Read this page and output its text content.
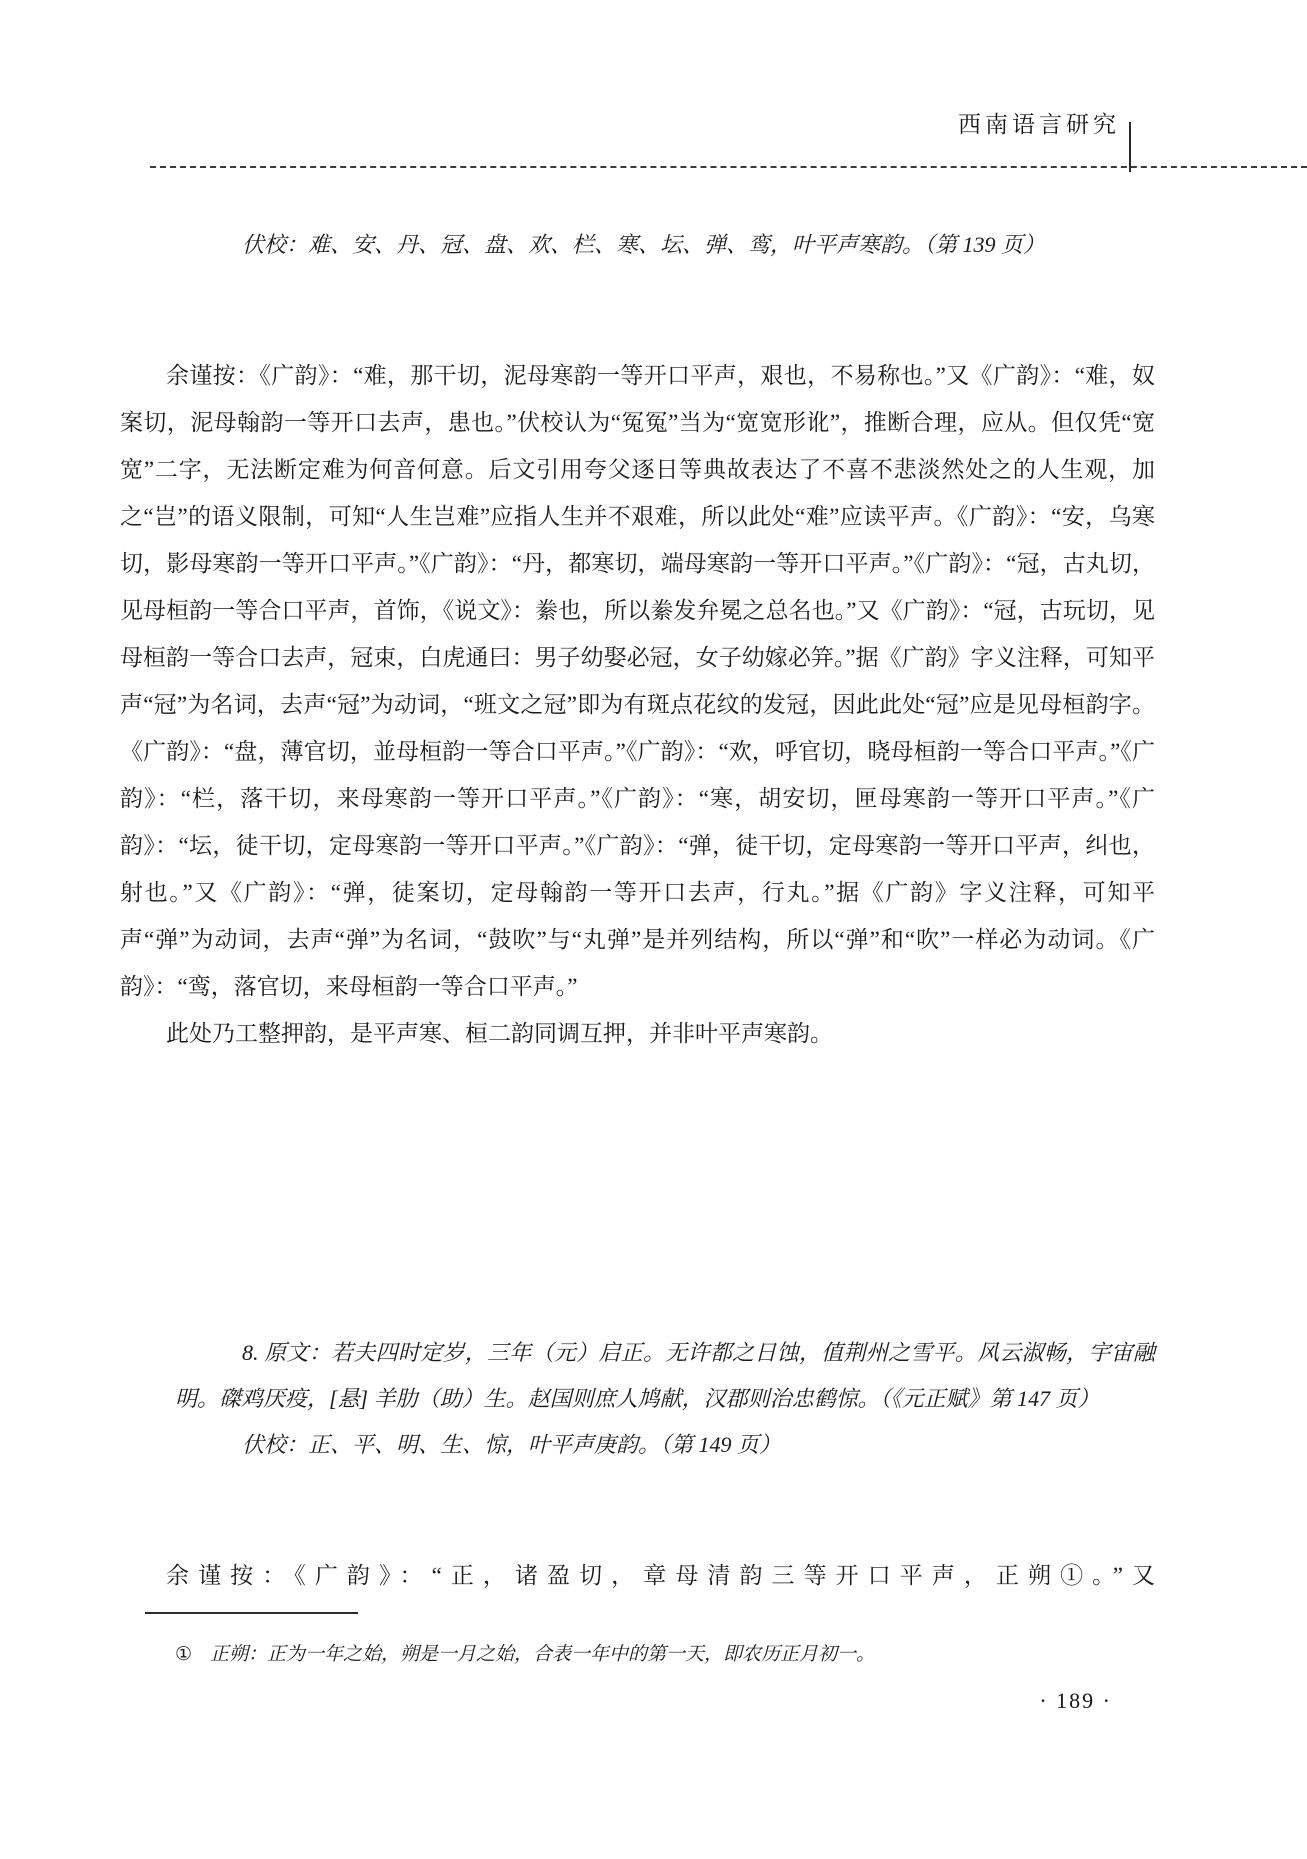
西南语言研究

伏校：难、安、丹、冠、盘、欢、栏、寒、坛、弹、鸾，叶平声寒韵。（第 139 页）

余谨按：《广韵》：“难，那干切，泥母寒韵一等开口平声，艰也，不易称也。”又《广韵》：“难，奴案切，泥母翰韵一等开口去声，患也。”伏校认为“冤冤”当为“宽宽形讹”，推断合理，应从。但仅凭“宽宽”二字，无法断定难为何音何意。后文引用夸父逐日等典故表达了不喜不悲淡然处之的人生观，加之“岂”的语义限制，可知“人生岂难”应指人生并不艰难，所以此处“难”应读平声。《广韵》：“安，乌寒切，影母寒韵一等开口平声。”《广韵》：“丹，都寒切，端母寒韵一等开口平声。”《广韵》：“冠，古丸切，见母桓韵一等合口平声，首饰，《说文》：絭也，所以絭发弁冕之总名也。”又《广韵》：“冠，古玩切，见母桓韵一等合口去声，冠束，白虎通曰：男子幼娶必冠，女子幼嫁必笄。”据《广韵》字义注释，可知平声“冠”为名词，去声“冠”为动词，“班文之冠”即为有斑点花纹的发冠，因此此处“冠”应是见母桓韵字。《广韵》：“盘，薄官切，並母桓韵一等合口平声。”《广韵》：“欢，呼官切，晓母桓韵一等合口平声。”《广韵》：“栏，落干切，来母寒韵一等开口平声。”《广韵》：“寒，胡安切，匣母寒韵一等开口平声。”《广韵》：“坛，徒干切，定母寒韵一等开口平声。”《广韵》：“弹，徒干切，定母寒韵一等开口平声，纠也，射也。”又《广韵》：“弹，徒案切，定母翰韵一等开口去声，行丸。”据《广韵》字义注释，可知平声“弹”为动词，去声“弹”为名词，“鼓吹”与“丸弹”是并列结构，所以“弹”和“吹”一样必为动词。《广韵》：“鸾，落官切，来母桓韵一等合口平声。”

此处乃工整押韵，是平声寒、桓二韵同调互押，并非叶平声寒韵。

8. 原文：若夫四时定岁，三年（元）启正。无许都之日蚀，值荆州之雪平。风云淑畅，宇宙融明。磔鸡厌疫，[悬] 羊肋（助）生。赵国则庶人鸠献，汉郡则治忠鹤惊。（《元正赋》第 147 页）

伏校：正、平、明、生、惊，叶平声庚韵。（第 149 页）

余谨按：《广韵》：“正，诸盈切，章母清韵三等开口平声，正朔①。”又

① 正朔：正为一年之始，朔是一月之始，合表一年中的第一天，即农历正月初一。
· 189 ·
